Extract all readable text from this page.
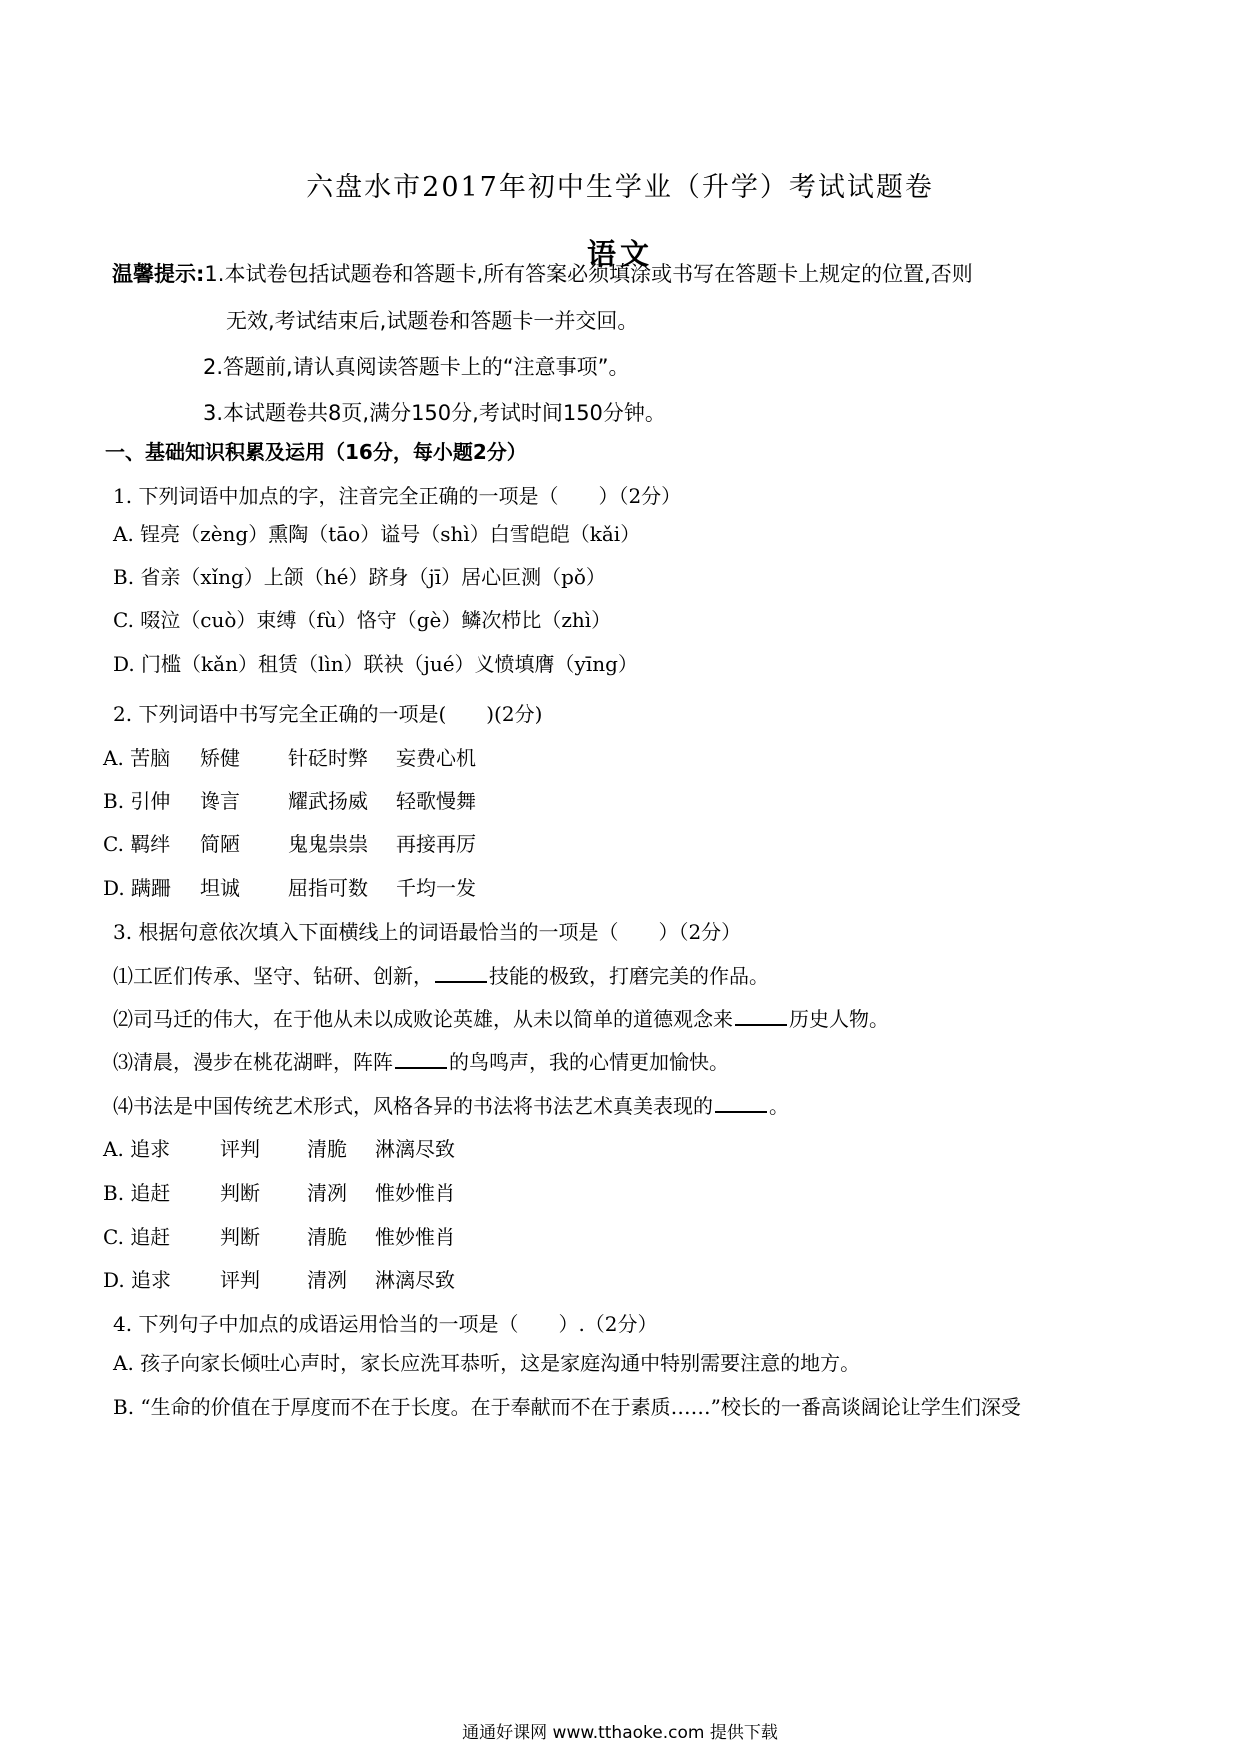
六盘水市2017年初中生学业（升学）考试试题卷
语文
温馨提示:1.本试卷包括试题卷和答题卡,所有答案必须填涂或书写在答题卡上规定的位置,否则
无效,考试结束后,试题卷和答题卡一并交回。
2.答题前,请认真阅读答题卡上的“注意事项”。
3.本试题卷共8页,满分150分,考试时间150分钟。
一、基础知识积累及运用（16分，每小题2分）
1. 下列词语中加点的字，注音完全正确的一项是（　　）（2分）
A. 锃亮（zèng）熏陶（tāo）谥号（shì）白雪皑皑（kǎi）
B. 省亲（xǐng）上颌（hé）跻身（jī）居心叵测（pǒ）
C. 啜泣（cuò）束缚（fù）恪守（gè）鳞次栉比（zhì）
D. 门槛（kǎn）租赁（lìn）联袂（jué）义愤填膺（yīng）
2. 下列词语中书写完全正确的一项是(　　)(2分)
A. 苦脑 矫健 针砭时弊 妄费心机
B. 引伸 谗言 耀武扬威 轻歌慢舞
C. 羁绊 简陋 鬼鬼祟祟 再接再厉
D. 蹒跚 坦诚 屈指可数 千均一发
3. 根据句意依次填入下面横线上的词语最恰当的一项是（　　）（2分）
⑴工匠们传承、坚守、钻研、创新，	技能的极致，打磨完美的作品。
⑵司马迁的伟大，在于他从未以成败论英雄，从未以简单的道德观念来	历史人物。
⑶清晨，漫步在桃花湖畔，阵阵	的鸟鸣声，我的心情更加愉快。
⑷书法是中国传统艺术形式，风格各异的书法将书法艺术真美表现的	。
A. 追求 评判 清脆 淋漓尽致
B. 追赶 判断 清冽 惟妙惟肖
C. 追赶 判断 清脆 惟妙惟肖
D. 追求 评判 清冽 淋漓尽致
4. 下列句子中加点的成语运用恰当的一项是（　　）.（2分）
A. 孩子向家长倾吐心声时，家长应洗耳恭听，这是家庭沟通中特别需要注意的地方。
B. “生命的价值在于厚度而不在于长度。在于奉献而不在于素质……”校长的一番高谈阔论让学生们深受
通通好课网 www.tthaoke.com 提供下载
